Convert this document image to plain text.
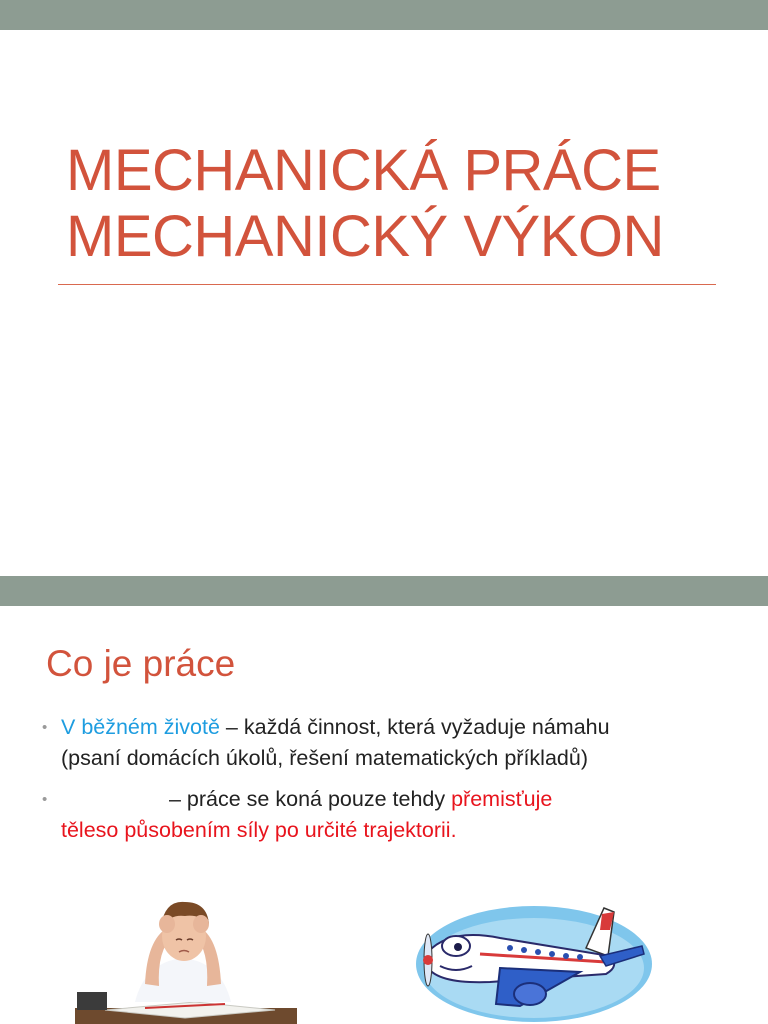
MECHANICKÁ PRÁCE
MECHANICKÝ VÝKON
Co je práce
• V běžném životě – každá činnost, která vyžaduje námahu
(psaní domácích úkolů, řešení matematických příkladů)
•	– práce se koná pouze tehdy přemisťuje
těleso působením síly po určité trajektorii.
